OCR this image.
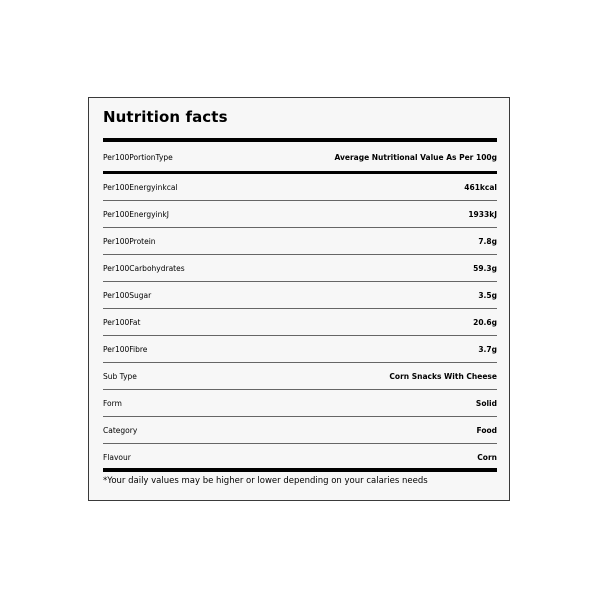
Nutrition facts
Per100PortionType	Average Nutritional Value As Per 100g
Per100Energyinkcal	461kcal
Per100EnergyinkJ	1933kJ
Per100Protein	7.8g
Per100Carbohydrates	59.3g
Per100Sugar	3.5g
Per100Fat	20.6g
Per100Fibre	3.7g
Sub Type	Corn Snacks With Cheese
Form	Solid
Category	Food
Flavour	Corn
*Your daily values may be higher or lower depending on your calaries needs
